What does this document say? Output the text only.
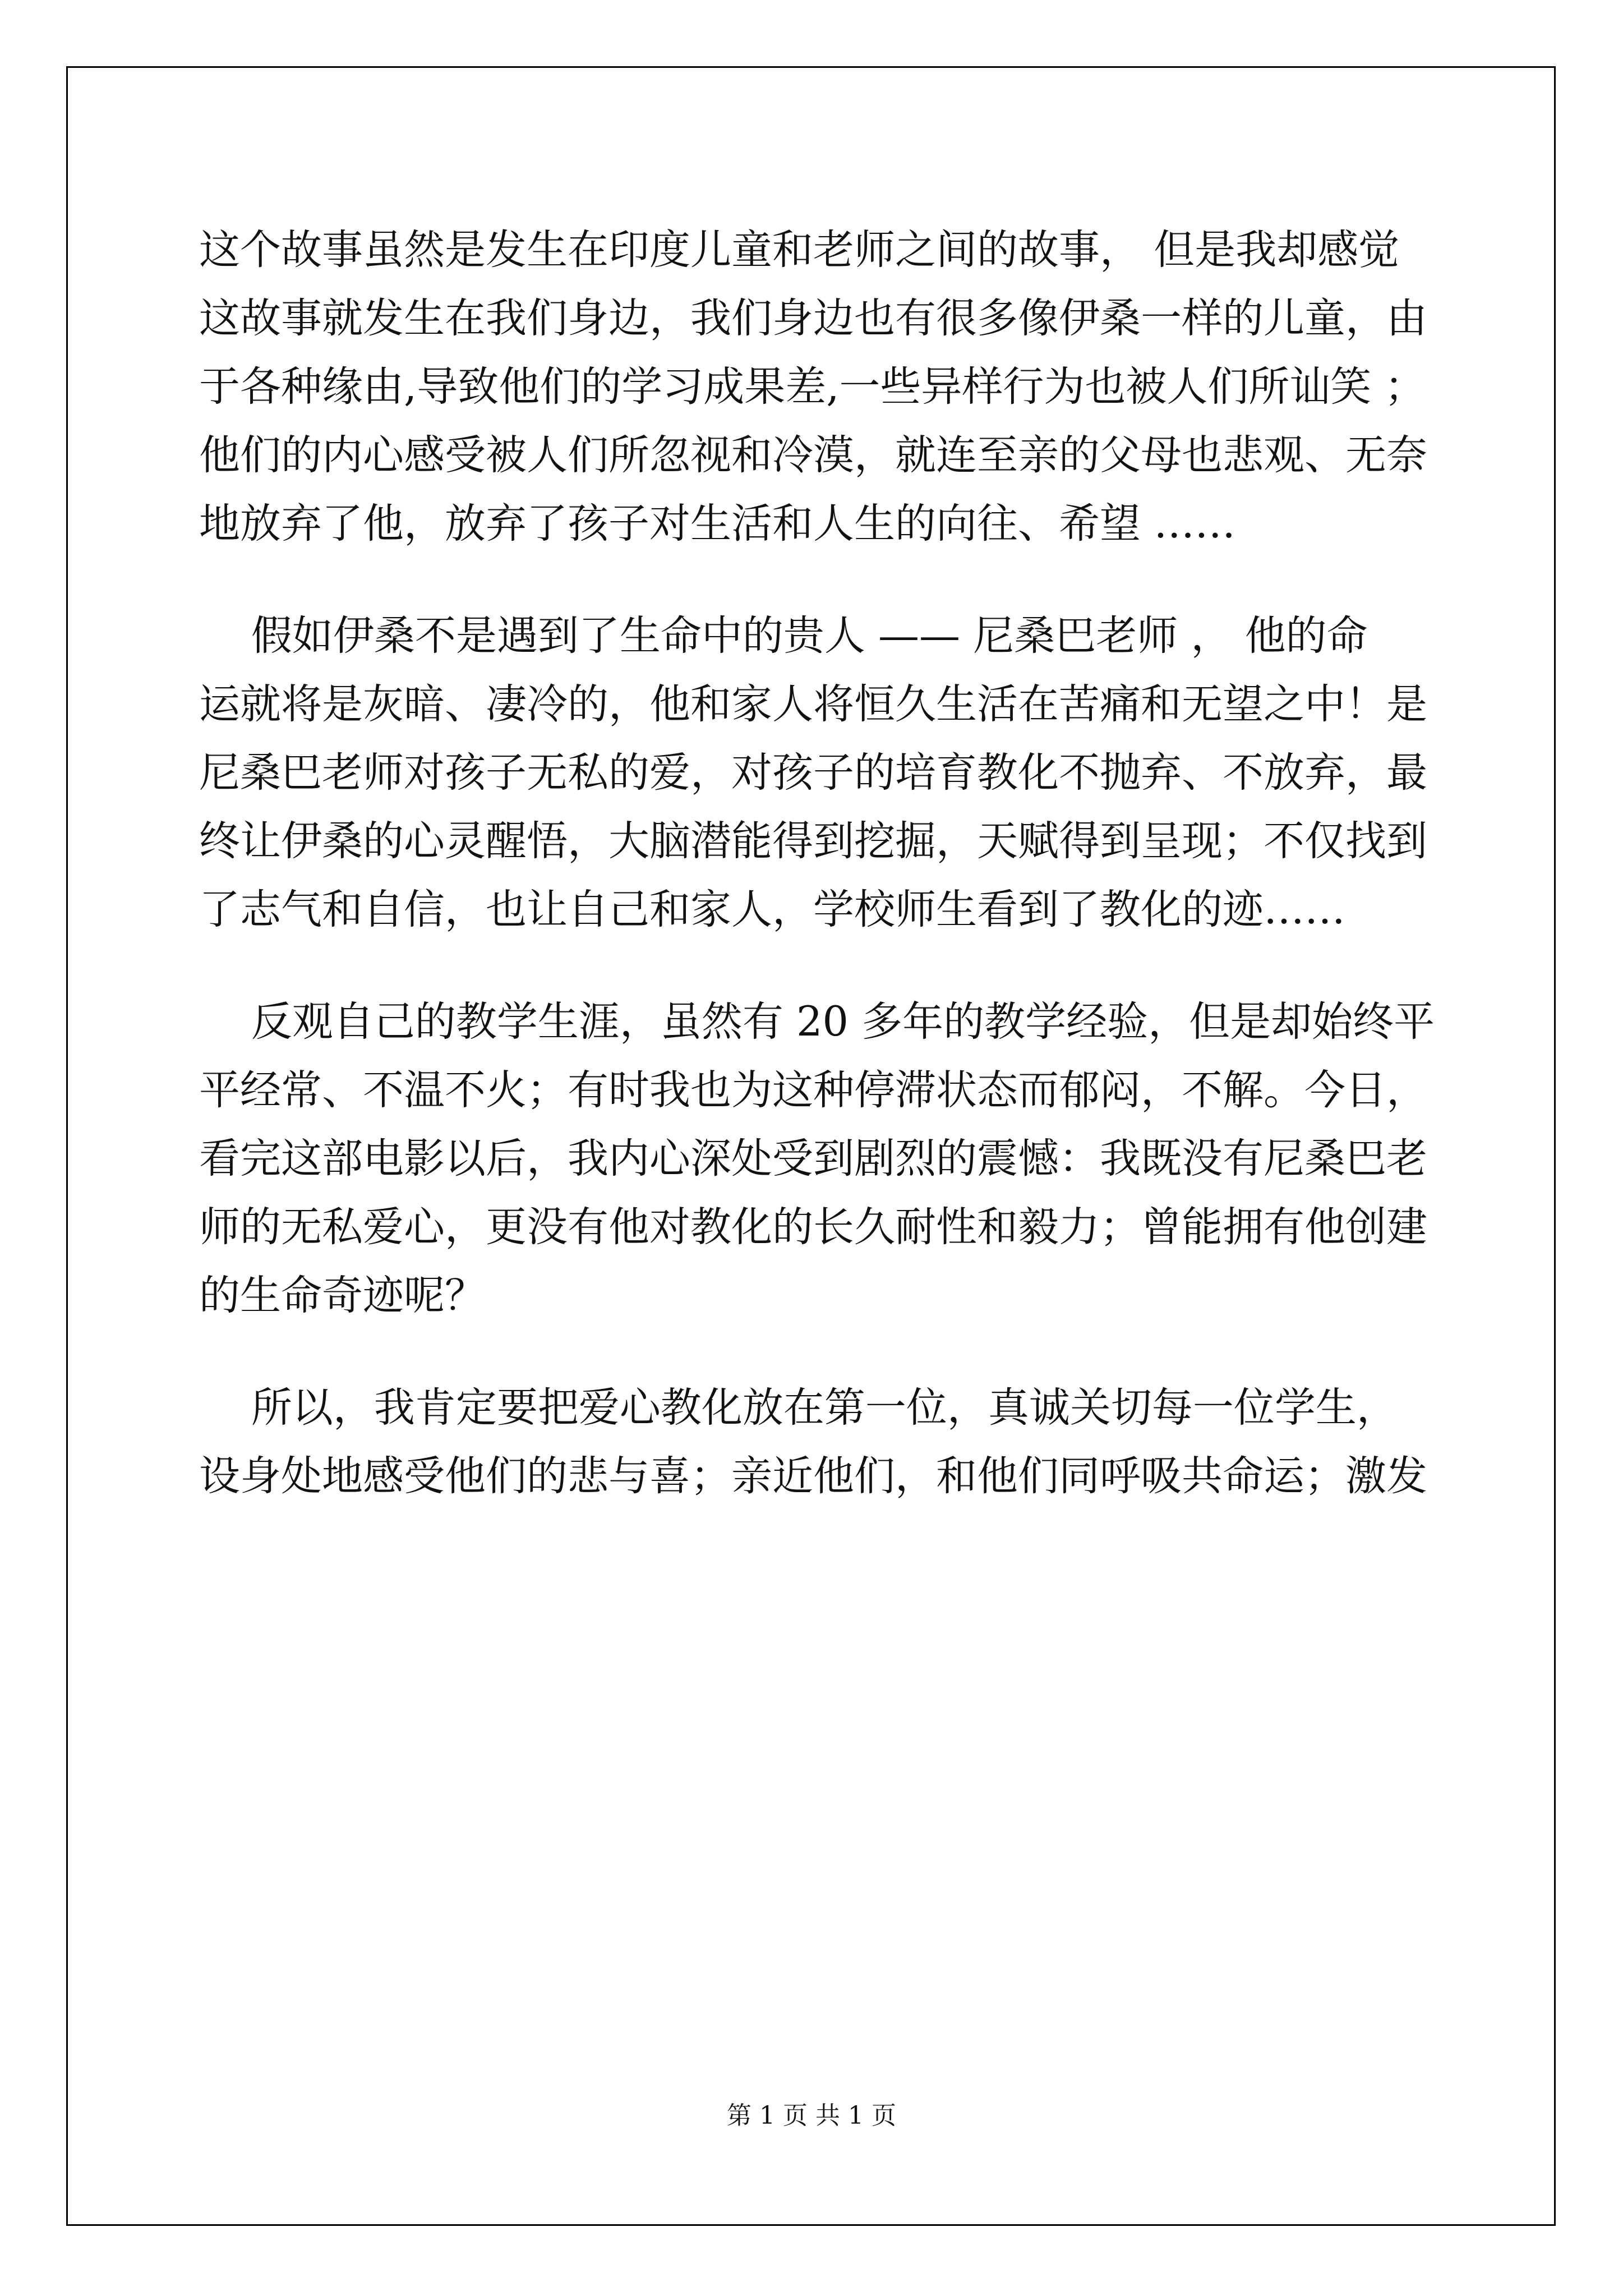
这个故事虽然是发生在印度儿童和老师之间的故事， 但是我却感觉
这故事就发生在我们身边，我们身边也有很多像伊桑一样的儿童，由
于各种缘由,导致他们的学习成果差,一些异样行为也被人们所讪笑 ；
他们的内心感受被人们所忽视和冷漠，就连至亲的父母也悲观、无奈
地放弃了他，放弃了孩子对生活和人生的向往、希望 ……
假如伊桑不是遇到了生命中的贵人 —— 尼桑巴老师 ， 他的命
运就将是灰暗、凄冷的，他和家人将恒久生活在苦痛和无望之中！是
尼桑巴老师对孩子无私的爱，对孩子的培育教化不抛弃、不放弃，最
终让伊桑的心灵醒悟，大脑潜能得到挖掘，天赋得到呈现；不仅找到
了志气和自信，也让自己和家人，学校师生看到了教化的迹……
反观自己的教学生涯，虽然有 20 多年的教学经验，但是却始终平
平经常、不温不火；有时我也为这种停滞状态而郁闷，不解。今日，
看完这部电影以后，我内心深处受到剧烈的震憾：我既没有尼桑巴老
师的无私爱心，更没有他对教化的长久耐性和毅力；曾能拥有他创建
的生命奇迹呢？
所以，我肯定要把爱心教化放在第一位，真诚关切每一位学生，
设身处地感受他们的悲与喜；亲近他们，和他们同呼吸共命运；激发
第 1 页 共 1 页
